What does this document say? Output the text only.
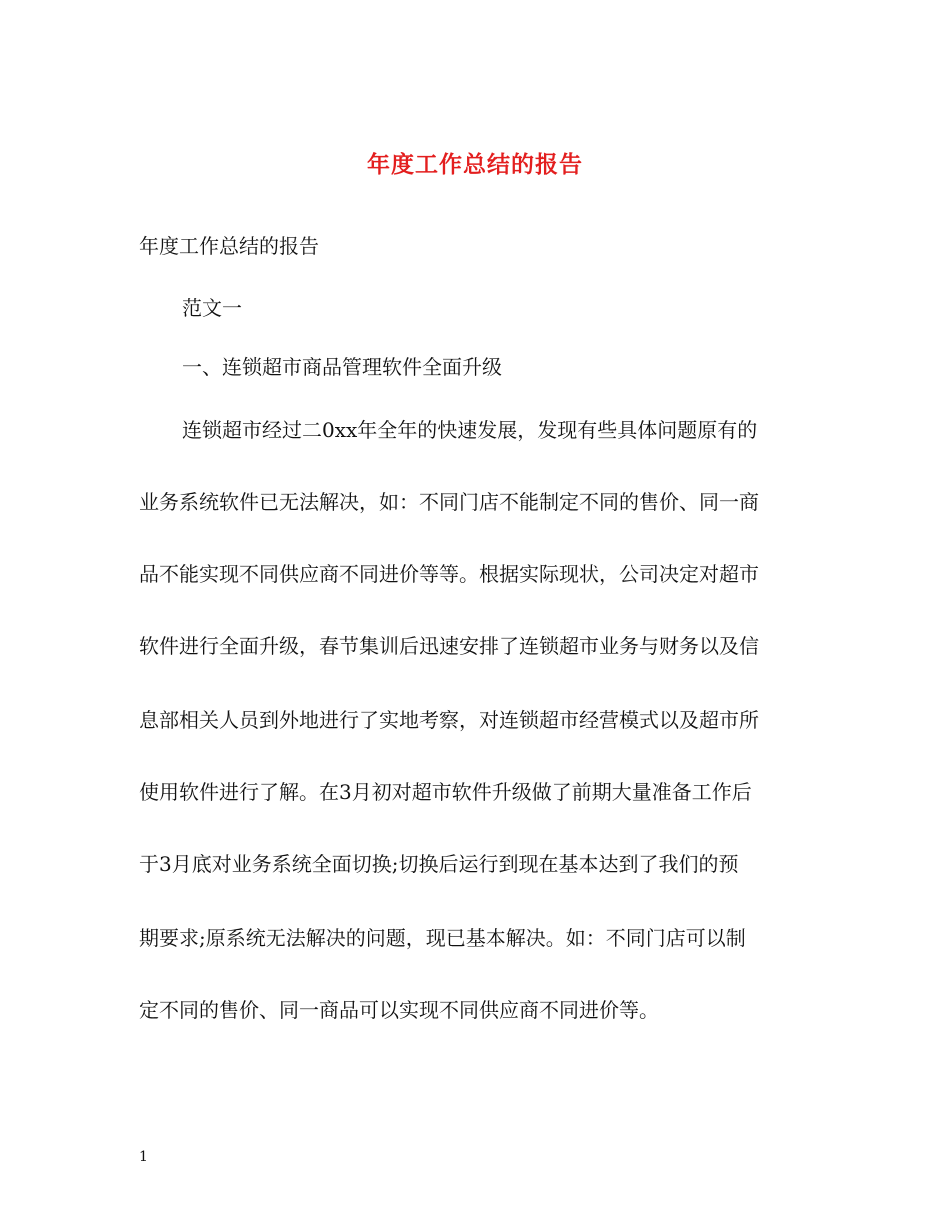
年度工作总结的报告
年度工作总结的报告
范文一
一、连锁超市商品管理软件全面升级
连锁超市经过二0xx年全年的快速发展，发现有些具体问题原有的
业务系统软件已无法解决，如：不同门店不能制定不同的售价、同一商
品不能实现不同供应商不同进价等等。根据实际现状，公司决定对超市
软件进行全面升级，春节集训后迅速安排了连锁超市业务与财务以及信
息部相关人员到外地进行了实地考察，对连锁超市经营模式以及超市所
使用软件进行了解。在3月初对超市软件升级做了前期大量准备工作后
于3月底对业务系统全面切换;切换后运行到现在基本达到了我们的预
期要求;原系统无法解决的问题，现已基本解决。如：不同门店可以制
定不同的售价、同一商品可以实现不同供应商不同进价等。
1
